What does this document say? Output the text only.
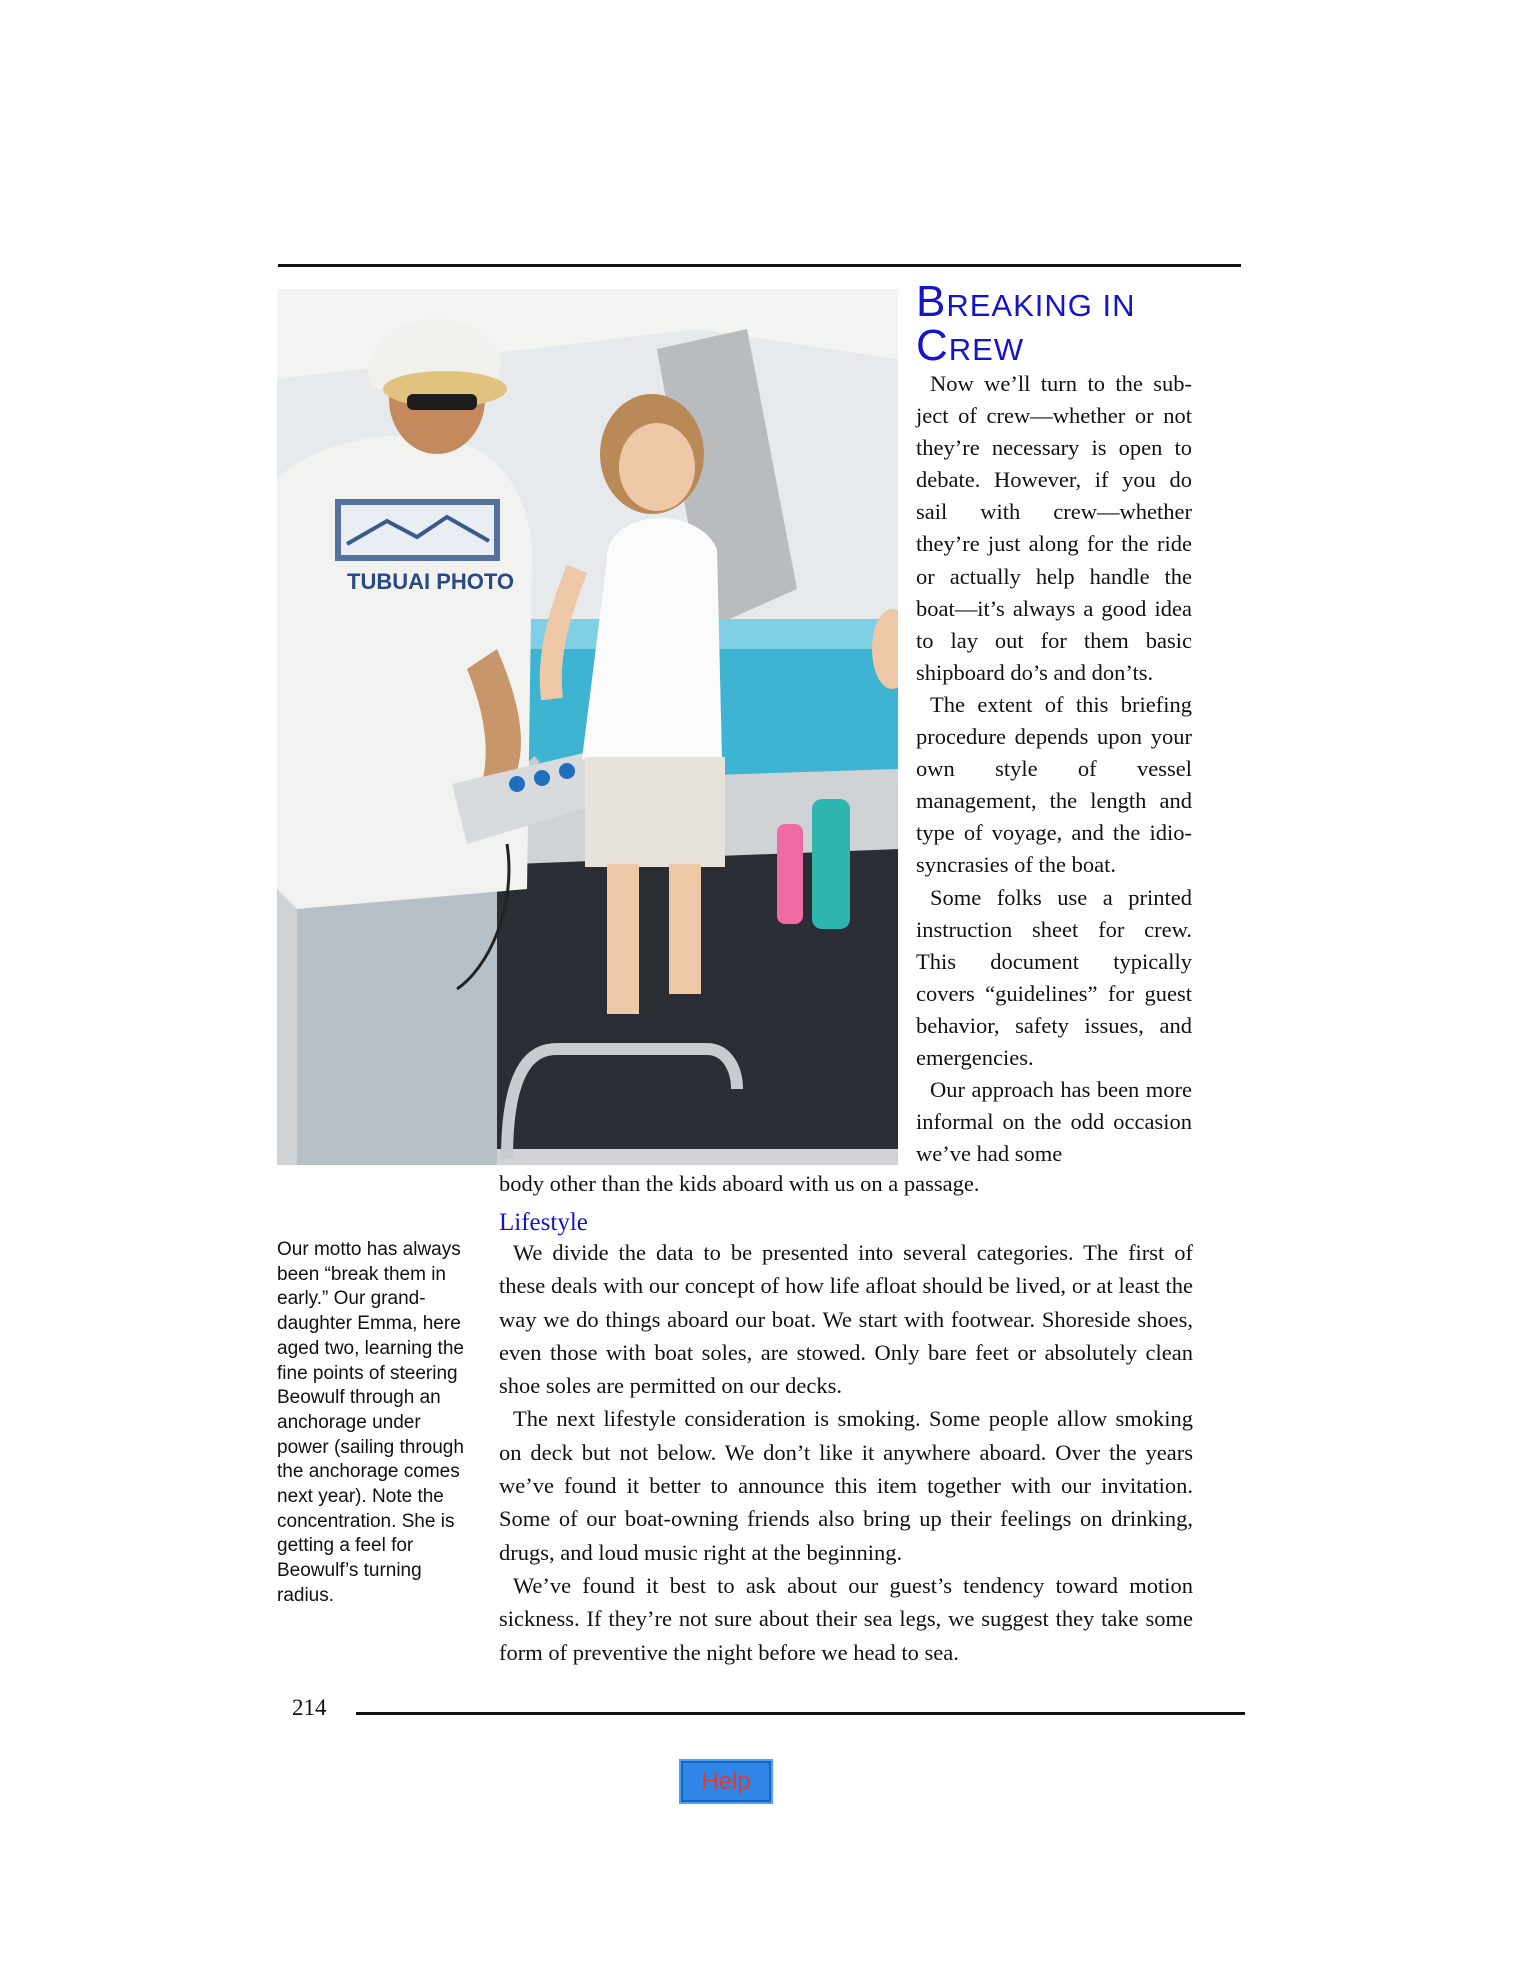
TUBUAI PHOTO
BREAKING IN
CREW

Now we’ll turn to the subject of crew—whether or not they’re necessary is open to debate. However, if you do sail with crew—whether they’re just along for the ride or actually help handle the boat—it’s always a good idea to lay out for them basic shipboard do’s and don’ts.

The extent of this briefing procedure depends upon your own style of vessel management, the length and type of voyage, and the idiosyncrasies of the boat.

Some folks use a printed instruction sheet for crew. This document typically covers “guidelines” for guest behavior, safety issues, and emergencies.

Our approach has been more informal on the odd occasion we’ve had some

body other than the kids aboard with us on a passage.
Lifestyle

We divide the data to be presented into several categories. The first of these deals with our concept of how life afloat should be lived, or at least the way we do things aboard our boat. We start with footwear. Shoreside shoes, even those with boat soles, are stowed. Only bare feet or absolutely clean shoe soles are permitted on our decks.

The next lifestyle consideration is smoking. Some people allow smoking on deck but not below. We don’t like it anywhere aboard. Over the years we’ve found it better to announce this item together with our invitation. Some of our boat-owning friends also bring up their feelings on drinking, drugs, and loud music right at the beginning.

We’ve found it best to ask about our guest’s tendency toward motion sickness. If they’re not sure about their sea legs, we suggest they take some form of preventive the night before we head to sea.

Our motto has always been “break them in early.” Our granddaughter Emma, here aged two, learning the fine points of steering Beowulf through an anchorage under power (sailing through the anchorage comes next year). Note the concentration. She is getting a feel for Beowulf’s turning radius.
214
Help
